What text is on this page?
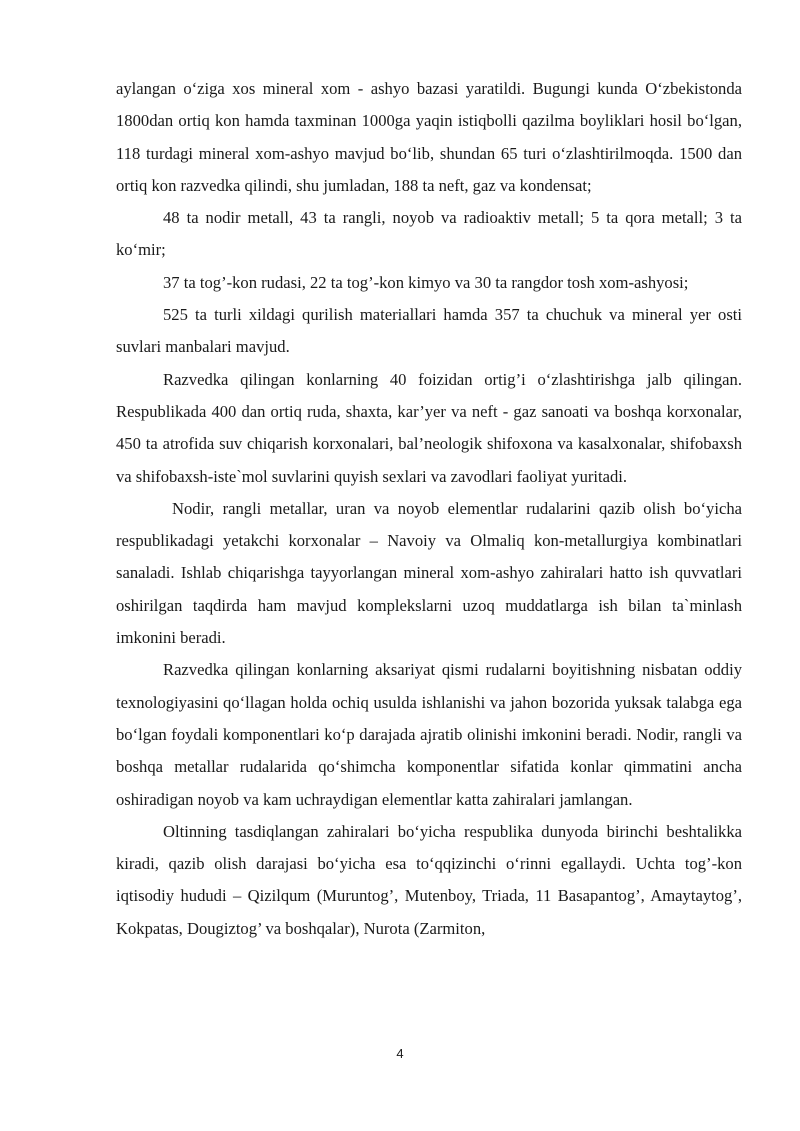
aylangan o‘ziga xos mineral xom - ashyo bazasi yaratildi. Bugungi kunda O‘zbekistonda 1800dan ortiq kon hamda taxminan 1000ga yaqin istiqbolli qazilma boyliklari hosil bo‘lgan, 118 turdagi mineral xom-ashyo mavjud bo‘lib, shundan 65 turi o‘zlashtirilmoqda. 1500 dan ortiq kon razvedka qilindi, shu jumladan, 188 ta neft, gaz va kondensat;

48 ta nodir metall, 43 ta rangli, noyob va radioaktiv metall; 5 ta qora metall; 3 ta ko‘mir;

37 ta tog’-kon rudasi, 22 ta tog’-kon kimyo va 30 ta rangdor tosh xom-ashyosi;

525 ta turli xildagi qurilish materiallari hamda 357 ta chuchuk va mineral yer osti suvlari manbalari mavjud.

Razvedka qilingan konlarning 40 foizidan ortig’i o‘zlashtirishga jalb qilingan. Respublikada 400 dan ortiq ruda, shaxta, kar’yer va neft - gaz sanoati va boshqa korxonalar, 450 ta atrofida suv chiqarish korxonalari, bal’neologik shifoxona va kasalxonalar, shifobaxsh va shifobaxsh-iste`mol suvlarini quyish sexlari va zavodlari faoliyat yuritadi.

Nodir, rangli metallar, uran va noyob elementlar rudalarini qazib olish bo‘yicha respublikadagi yetakchi korxonalar – Navoiy va Olmaliq kon-metallurgiya kombinatlari sanaladi. Ishlab chiqarishga tayyorlangan mineral xom-ashyo zahiralari hatto ish quvvatlari oshirilgan taqdirda ham mavjud komplekslarni uzoq muddatlarga ish bilan ta`minlash imkonini beradi.

Razvedka qilingan konlarning aksariyat qismi rudalarni boyitishning nisbatan oddiy texnologiyasini qo‘llagan holda ochiq usulda ishlanishi va jahon bozorida yuksak talabga ega bo‘lgan foydali komponentlari ko‘p darajada ajratib olinishi imkonini beradi. Nodir, rangli va boshqa metallar rudalarida qo‘shimcha komponentlar sifatida konlar qimmatini ancha oshiradigan noyob va kam uchraydigan elementlar katta zahiralari jamlangan.

Oltinning tasdiqlangan zahiralari bo‘yicha respublika dunyoda birinchi beshtalikka kiradi, qazib olish darajasi bo‘yicha esa to‘qqizinchi o‘rinni egallaydi. Uchta tog’-kon iqtisodiy hududi – Qizilqum (Muruntog’, Mutenboy, Triada, 11 Basapantog’, Amaytaytog’, Kokpatas, Dougiztog’ va boshqalar), Nurota (Zarmiton,

4
